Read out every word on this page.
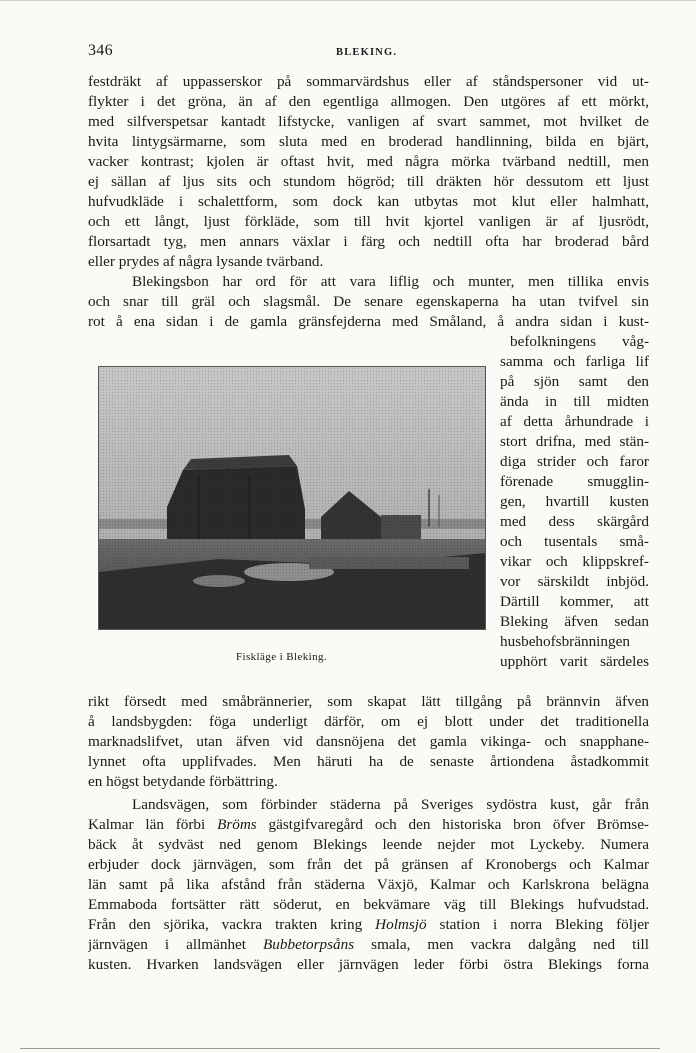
346	BLEKING.
festdräkt af uppasserskor på sommarvärdshus eller af ståndspersoner vid ut-
flykter i det gröna, än af den egentliga allmogen. Den utgöres af ett mörkt,
med silfverspetsar kantadt lifstycke, vanligen af svart sammet, mot hvilket de
hvita lintygsärmarne, som sluta med en broderad handlinning, bilda en bjärt,
vacker kontrast; kjolen är oftast hvit, med några mörka tvärband nedtill, men
ej sällan af ljus sits och stundom högröd; till dräkten hör dessutom ett ljust
hufvudkläde i schalettform, som dock kan utbytas mot klut eller halmhatt,
och ett långt, ljust förkläde, som till hvit kjortel vanligen är af ljusrödt,
florsartadt tyg, men annars växlar i färg och nedtill ofta har broderad bård
eller prydes af några lysande tvärband.
Blekingsbon har ord för att vara liflig och munter, men tillika envis
och snar till gräl och slagsmål. De senare egenskaperna ha utan tvifvel sin
rot å ena sidan i de gamla gränsfejderna med Småland, å andra sidan i kust-
befolkningens våg-
samma och farliga lif
på sjön samt den
ända in till midten
af detta århundrade i
stort drifna, med stän-
diga strider och faror
förenade smugglin-
gen, hvartill kusten
med dess skärgård
och tusentals små-
vikar och klippskref-
vor särskildt inbjöd.
Därtill kommer, att
Bleking äfven sedan
husbehofsbränningen
upphört varit särdeles
Fiskläge i Bleking.
rikt försedt med småbrännerier, som skapat lätt tillgång på brännvin äfven
å landsbygden: föga underligt därför, om ej blott under det traditionella
marknadslifvet, utan äfven vid dansnöjena det gamla vikinga- och snapphane-
lynnet ofta upplifvades. Men häruti ha de senaste årtiondena åstadkommit
en högst betydande förbättring.
Landsvägen, som förbinder städerna på Sveriges sydöstra kust, går från
Kalmar län förbi Bröms gästgifvaregård och den historiska bron öfver Brömse-
bäck åt sydväst ned genom Blekings leende nejder mot Lyckeby. Numera
erbjuder dock järnvägen, som från det på gränsen af Kronobergs och Kalmar
län samt på lika afstånd från städerna Växjö, Kalmar och Karlskrona belägna
Emmaboda fortsätter rätt söderut, en bekvämare väg till Blekings hufvudstad.
Från den sjörika, vackra trakten kring Holmsjö station i norra Bleking följer
järnvägen i allmänhet Bubbetorpsåns smala, men vackra dalgång ned till
kusten. Hvarken landsvägen eller järnvägen leder förbi östra Blekings forna
